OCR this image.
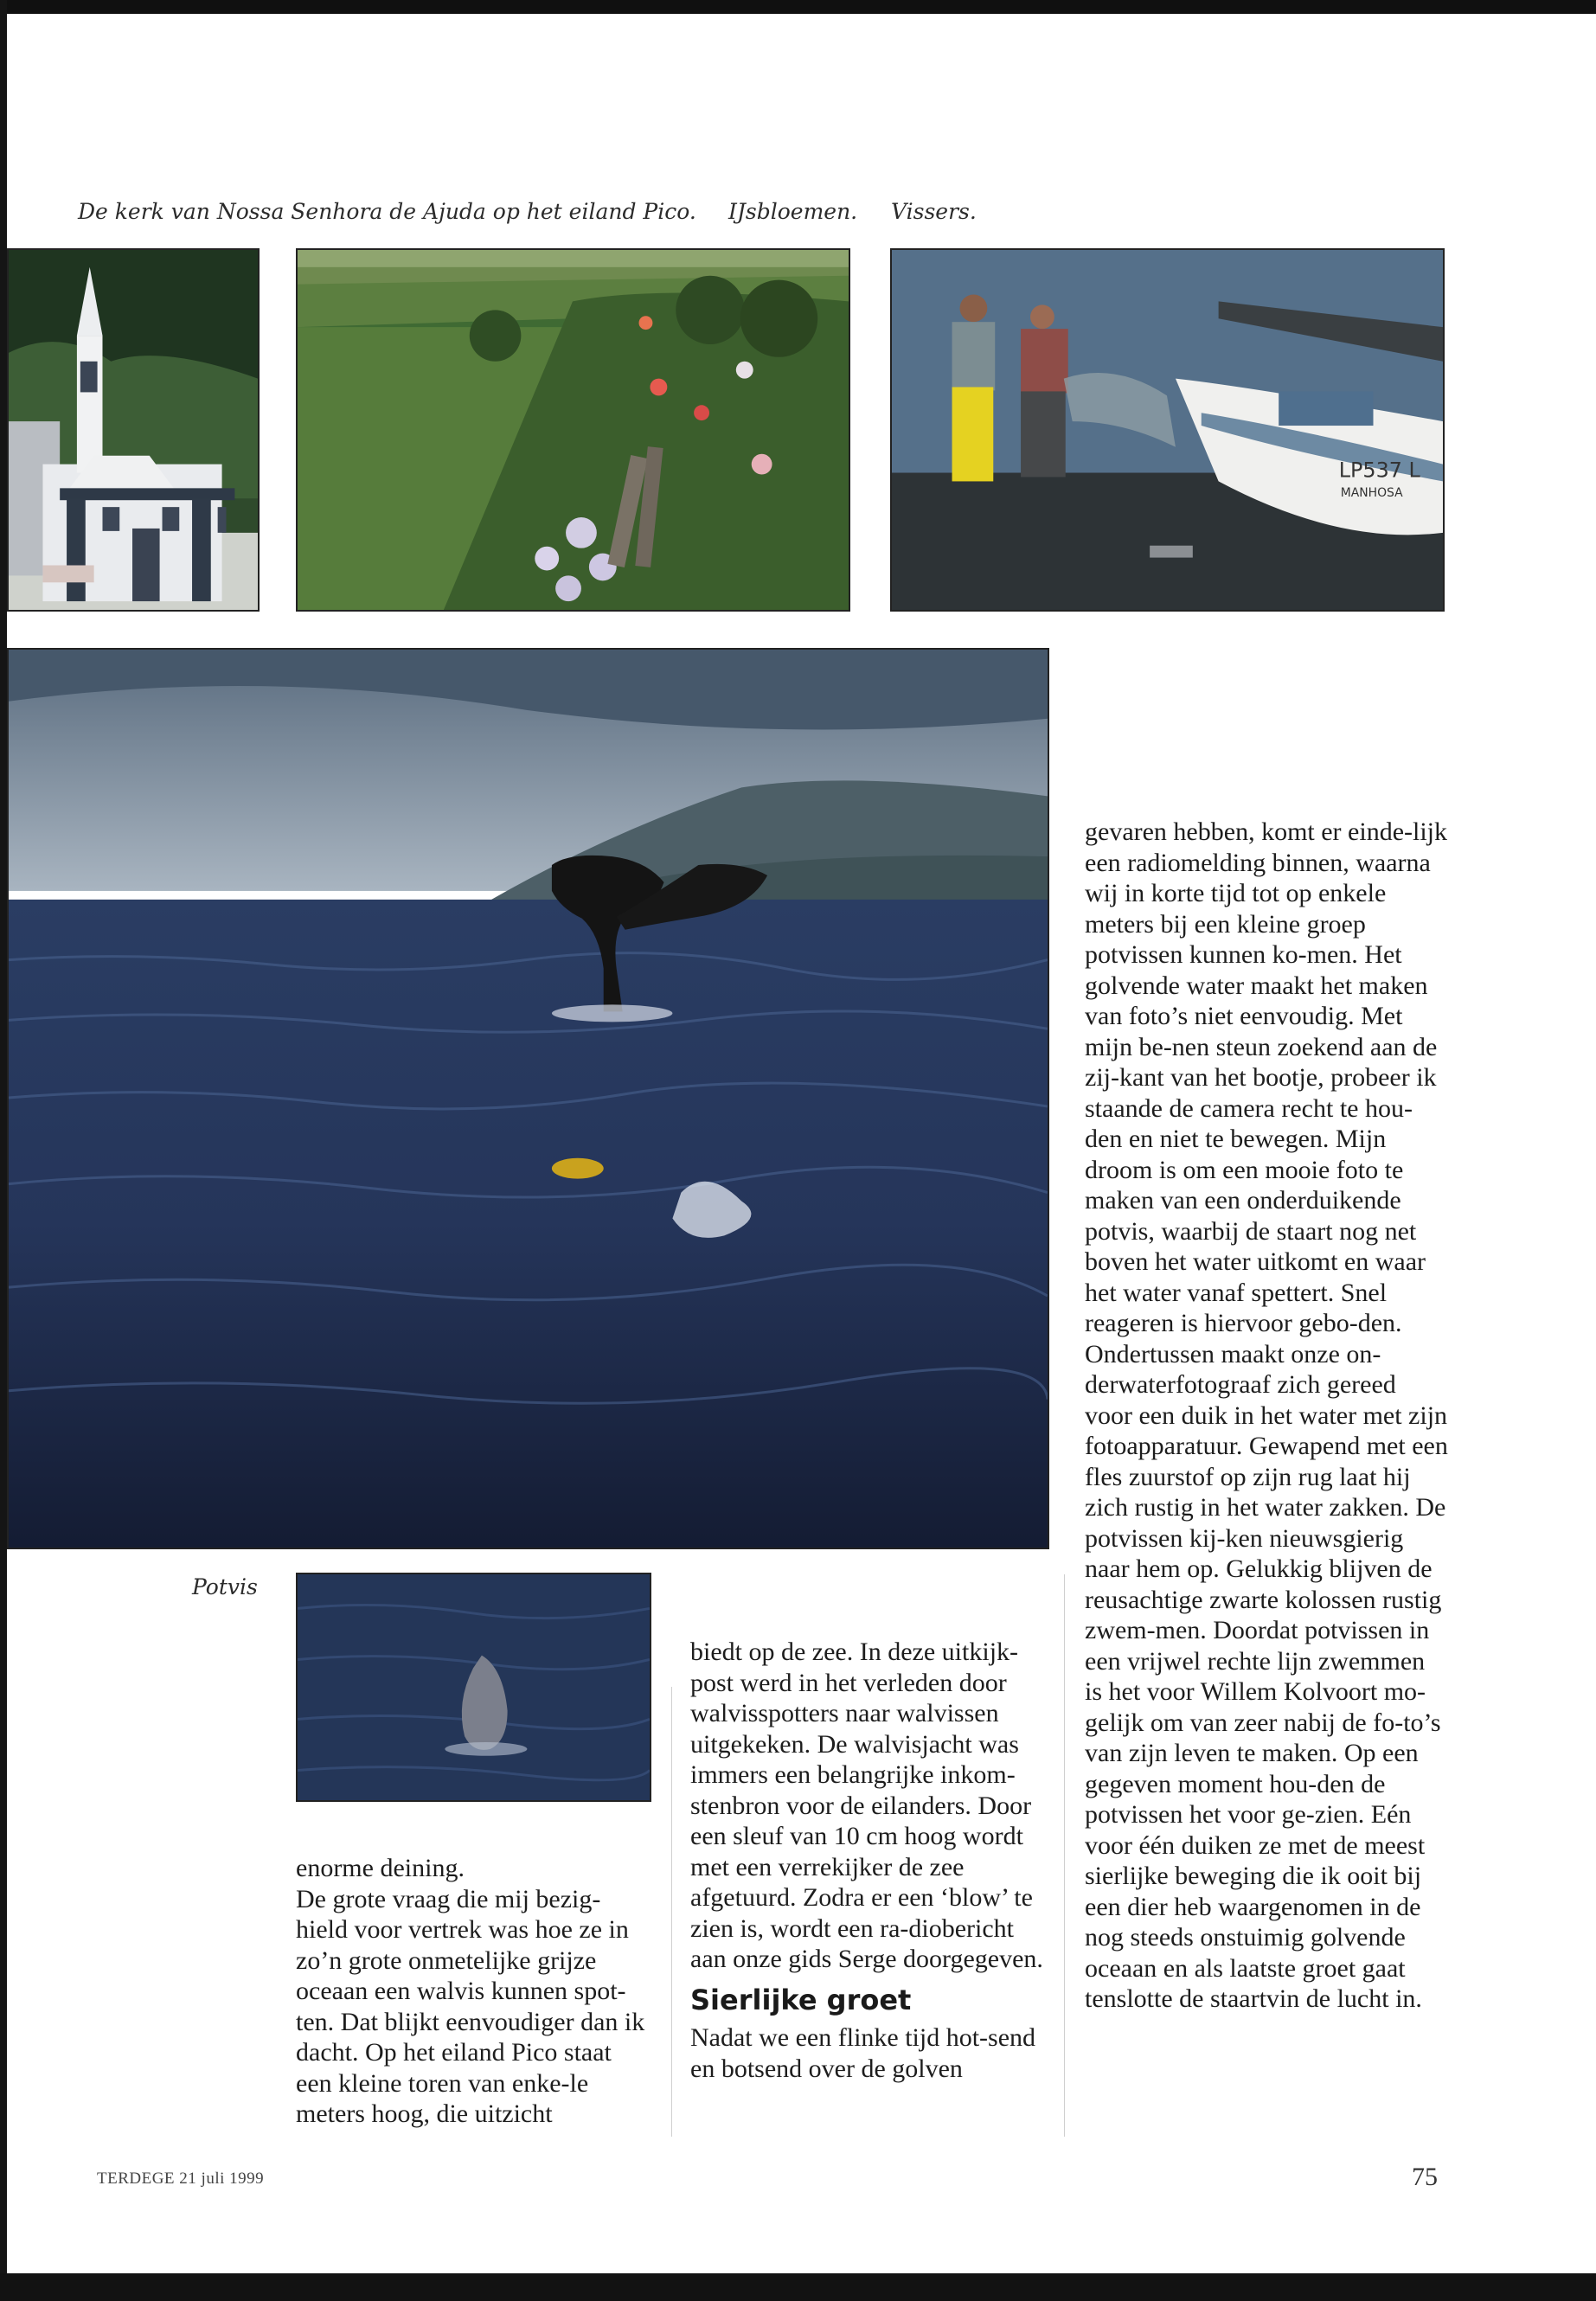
De kerk van Nossa Senhora de Ajuda op het eiland Pico. IJsbloemen. Vissers.
LP537 L
MANHOSA
Potvis

enorme deining.

De grote vraag die mij bezig-hield voor vertrek was hoe ze in zo’n grote onmetelijke grijze oceaan een walvis kunnen spot-ten. Dat blijkt eenvoudiger dan ik dacht. Op het eiland Pico staat een kleine toren van enke-le meters hoog, die uitzicht

biedt op de zee. In deze uitkijk-post werd in het verleden door walvisspotters naar walvissen uitgekeken. De walvisjacht was immers een belangrijke inkom-stenbron voor de eilanders. Door een sleuf van 10 cm hoog wordt met een verrekijker de zee afgetuurd. Zodra er een ‘blow’ te zien is, wordt een ra-diobericht aan onze gids Serge doorgegeven.

Sierlijke groet

Nadat we een flinke tijd hot-send en botsend over de golven

gevaren hebben, komt er einde-lijk een radiomelding binnen, waarna wij in korte tijd tot op enkele meters bij een kleine groep potvissen kunnen ko-men. Het golvende water maakt het maken van foto’s niet eenvoudig. Met mijn be-nen steun zoekend aan de zij-kant van het bootje, probeer ik staande de camera recht te hou-den en niet te bewegen. Mijn droom is om een mooie foto te maken van een onderduikende potvis, waarbij de staart nog net boven het water uitkomt en waar het water vanaf spettert. Snel reageren is hiervoor gebo-den.

Ondertussen maakt onze on-derwaterfotograaf zich gereed voor een duik in het water met zijn fotoapparatuur. Gewapend met een fles zuurstof op zijn rug laat hij zich rustig in het water zakken. De potvissen kij-ken nieuwsgierig naar hem op. Gelukkig blijven de reusachtige zwarte kolossen rustig zwem-men. Doordat potvissen in een vrijwel rechte lijn zwemmen is het voor Willem Kolvoort mo-gelijk om van zeer nabij de fo-to’s van zijn leven te maken. Op een gegeven moment hou-den de potvissen het voor ge-zien. Eén voor één duiken ze met de meest sierlijke beweging die ik ooit bij een dier heb waargenomen in de nog steeds onstuimig golvende oceaan en als laatste groet gaat tenslotte de staartvin de lucht in.

TERDEGE 21 juli 1999	75
